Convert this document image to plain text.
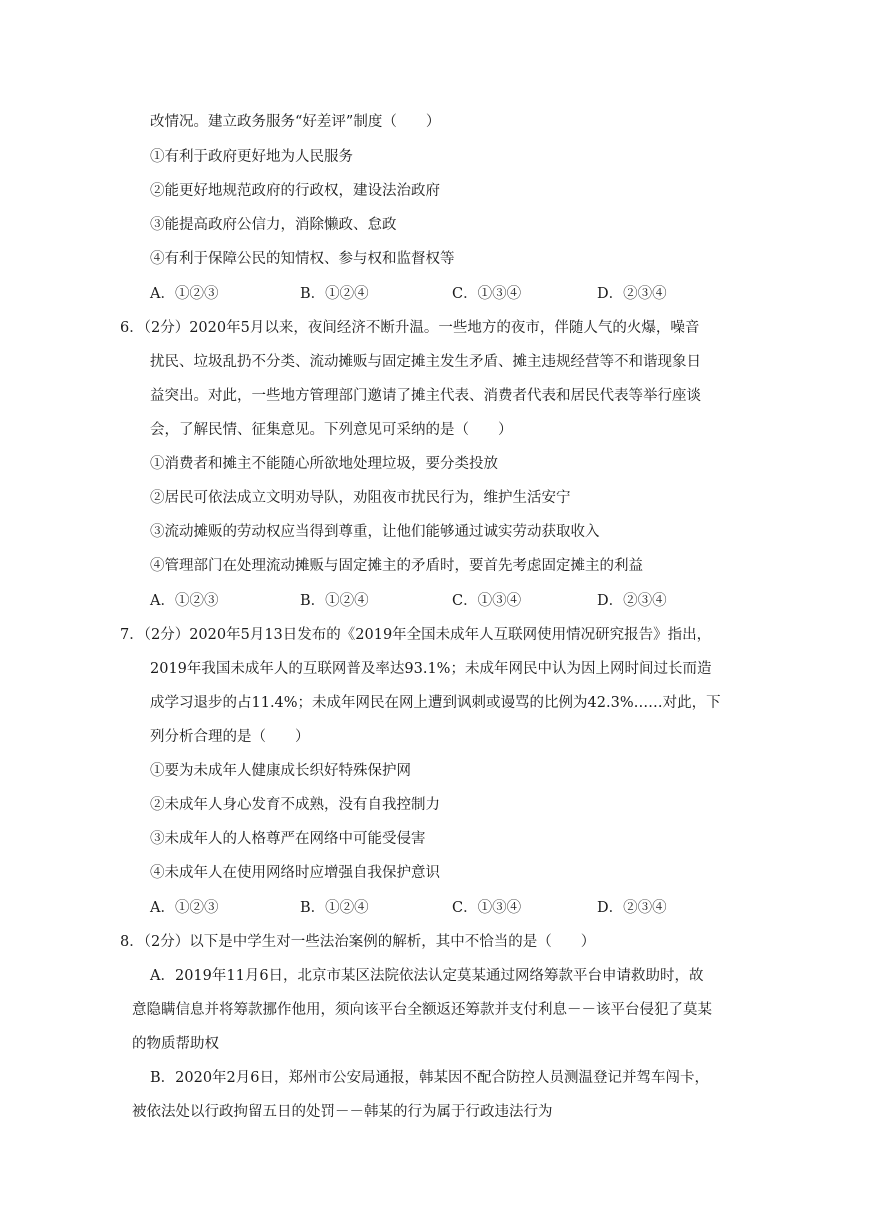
改情况。建立政务服务“好差评”制度（　　）
①有利于政府更好地为人民服务
②能更好地规范政府的行政权，建设法治政府
③能提高政府公信力，消除懒政、怠政
④有利于保障公民的知情权、参与权和监督权等
A．①②③	B．①②④	C．①③④	D．②③④
6．（2分）2020年5月以来，夜间经济不断升温。一些地方的夜市，伴随人气的火爆，噪音
扰民、垃圾乱扔不分类、流动摊贩与固定摊主发生矛盾、摊主违规经营等不和谐现象日
益突出。对此，一些地方管理部门邀请了摊主代表、消费者代表和居民代表等举行座谈
会，了解民情、征集意见。下列意见可采纳的是（　　）
①消费者和摊主不能随心所欲地处理垃圾，要分类投放
②居民可依法成立文明劝导队，劝阻夜市扰民行为，维护生活安宁
③流动摊贩的劳动权应当得到尊重，让他们能够通过诚实劳动获取收入
④管理部门在处理流动摊贩与固定摊主的矛盾时，要首先考虑固定摊主的利益
A．①②③	B．①②④	C．①③④	D．②③④
7．（2分）2020年5月13日发布的《2019年全国未成年人互联网使用情况研究报告》指出，
2019年我国未成年人的互联网普及率达93.1%；未成年网民中认为因上网时间过长而造
成学习退步的占11.4%；未成年网民在网上遭到讽刺或谩骂的比例为42.3%……对此，下
列分析合理的是（　　）
①要为未成年人健康成长织好特殊保护网
②未成年人身心发育不成熟，没有自我控制力
③未成年人的人格尊严在网络中可能受侵害
④未成年人在使用网络时应增强自我保护意识
A．①②③	B．①②④	C．①③④	D．②③④
8．（2分）以下是中学生对一些法治案例的解析，其中不恰当的是（　　）
A．2019年11月6日，北京市某区法院依法认定莫某通过网络筹款平台申请救助时，故
意隐瞒信息并将筹款挪作他用，须向该平台全额返还筹款并支付利息－－该平台侵犯了莫某
的物质帮助权
B．2020年2月6日，郑州市公安局通报，韩某因不配合防控人员测温登记并驾车闯卡，
被依法处以行政拘留五日的处罚－－韩某的行为属于行政违法行为
